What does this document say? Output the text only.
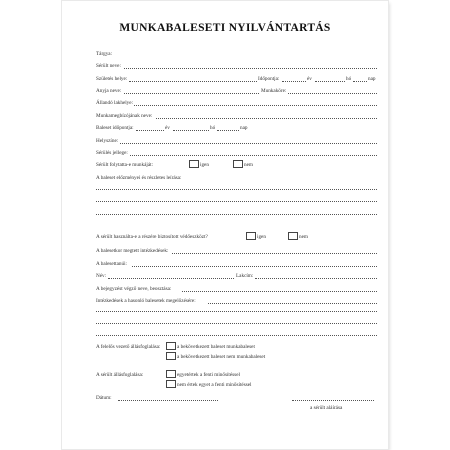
MUNKABALESETI NYILVÁNTARTÁS
Tárgya:
Sérült neve:
Születés helye:	Időpontja:	év	hó	nap
Anyja neve:	Munkaköre:
Állandó lakhelye:
Munkamegbízójának neve:
Baleset időpontja:	év	hó	nap
Helyszíne:
Sérülés jellege:
Sérült folytatta-e munkáját:	igen	nem
A baleset előzményei és részletes leírása:
A sérült használta-e a részére biztosított védőeszközt?	igen	nem
A balesetkor megtett intézkedések:
A balesettanúi:
Név:	Lakcím:
A bejegyzést végző neve, beosztása:
Intézkedések a hasonló balesetek megelőzésére:
A felelős vezető állásfoglalása:	a bekövetkezett baleset munkabaleset
a bekövetkezett baleset nem munkabaleset
A sérült állásfoglalása:	egyetértek a fenti minősítéssel
nem értek egyet a fenti minősítéssel
Dátum:
a sérült aláírása
